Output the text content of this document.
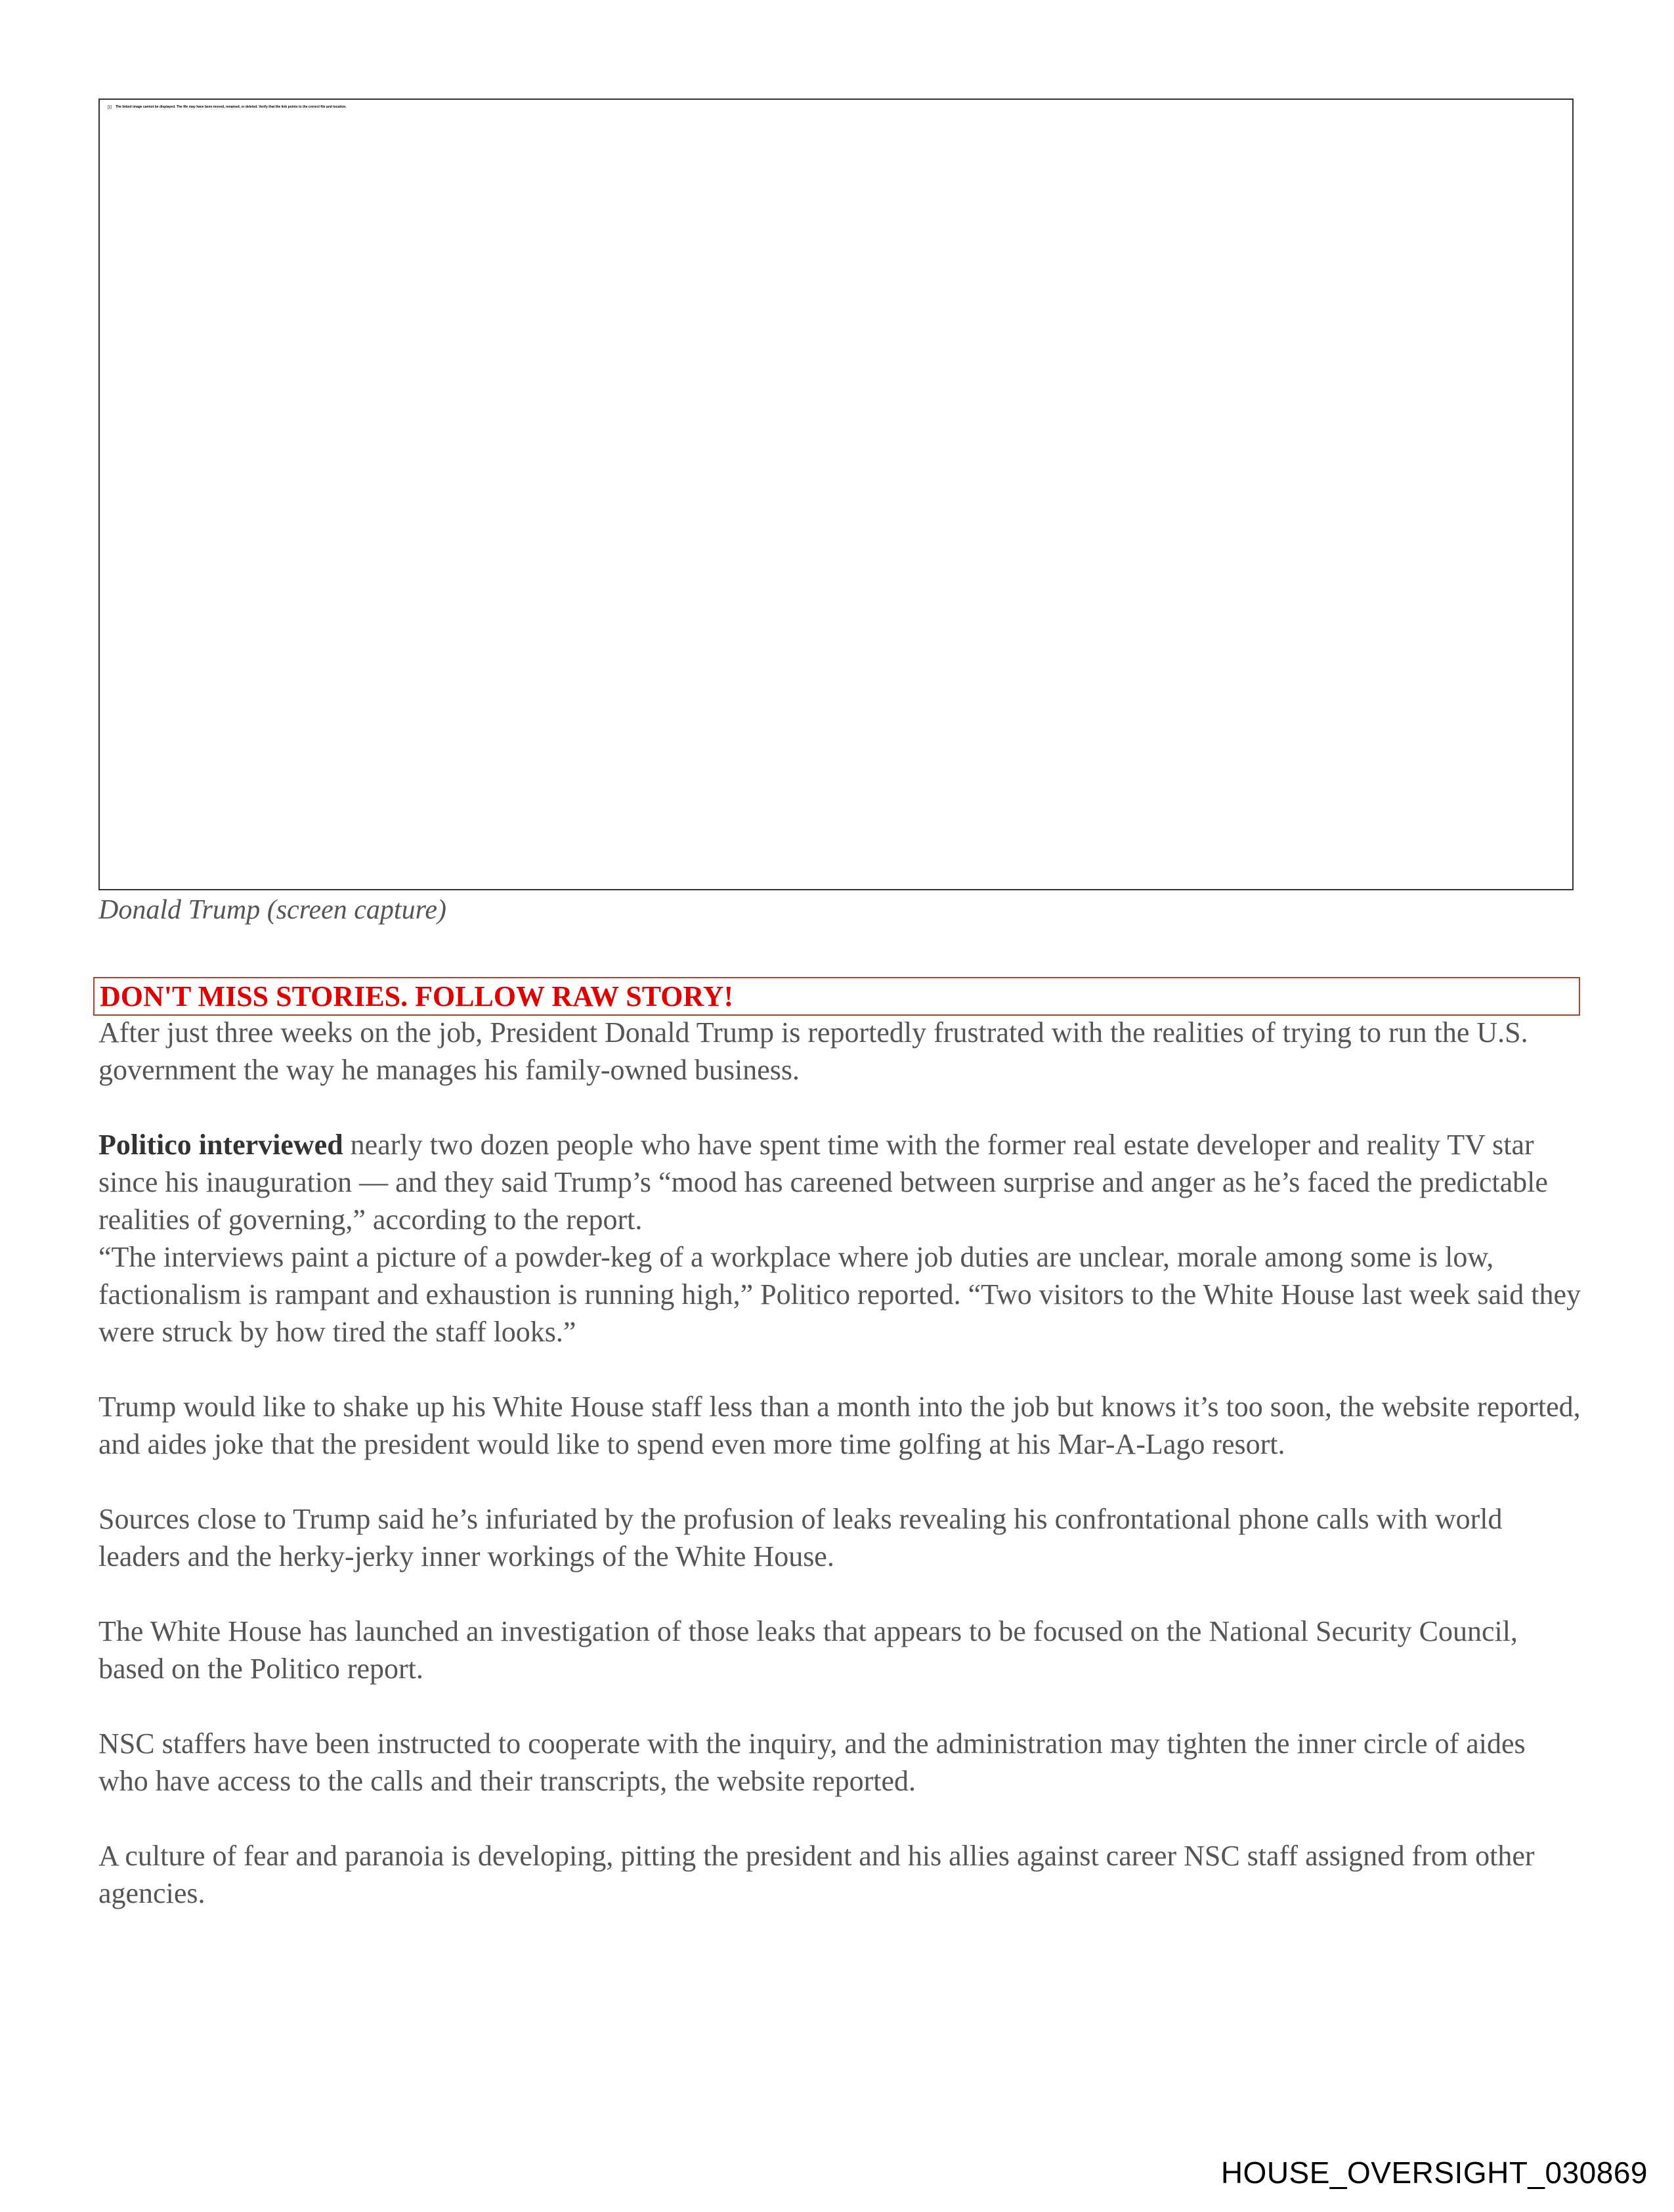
The linked image cannot be displayed. The file may have been moved, renamed, or deleted. Verify that the link points to the correct file and location.
Donald Trump (screen capture)
DON'T MISS STORIES. FOLLOW RAW STORY!

After just three weeks on the job, President Donald Trump is reportedly frustrated with the realities of trying to run the U.S. government the way he manages his family-owned business.

Politico interviewed nearly two dozen people who have spent time with the former real estate developer and reality TV star since his inauguration — and they said Trump’s “mood has careened between surprise and anger as he’s faced the predictable realities of governing,” according to the report.

“The interviews paint a picture of a powder-keg of a workplace where job duties are unclear, morale among some is low, factionalism is rampant and exhaustion is running high,” Politico reported. “Two visitors to the White House last week said they were struck by how tired the staff looks.”

Trump would like to shake up his White House staff less than a month into the job but knows it’s too soon, the website reported, and aides joke that the president would like to spend even more time golfing at his Mar-A-Lago resort.

Sources close to Trump said he’s infuriated by the profusion of leaks revealing his confrontational phone calls with world leaders and the herky-jerky inner workings of the White House.

The White House has launched an investigation of those leaks that appears to be focused on the National Security Council, based on the Politico report.

NSC staffers have been instructed to cooperate with the inquiry, and the administration may tighten the inner circle of aides who have access to the calls and their transcripts, the website reported.

A culture of fear and paranoia is developing, pitting the president and his allies against career NSC staff assigned from other agencies.

HOUSE_OVERSIGHT_030869
